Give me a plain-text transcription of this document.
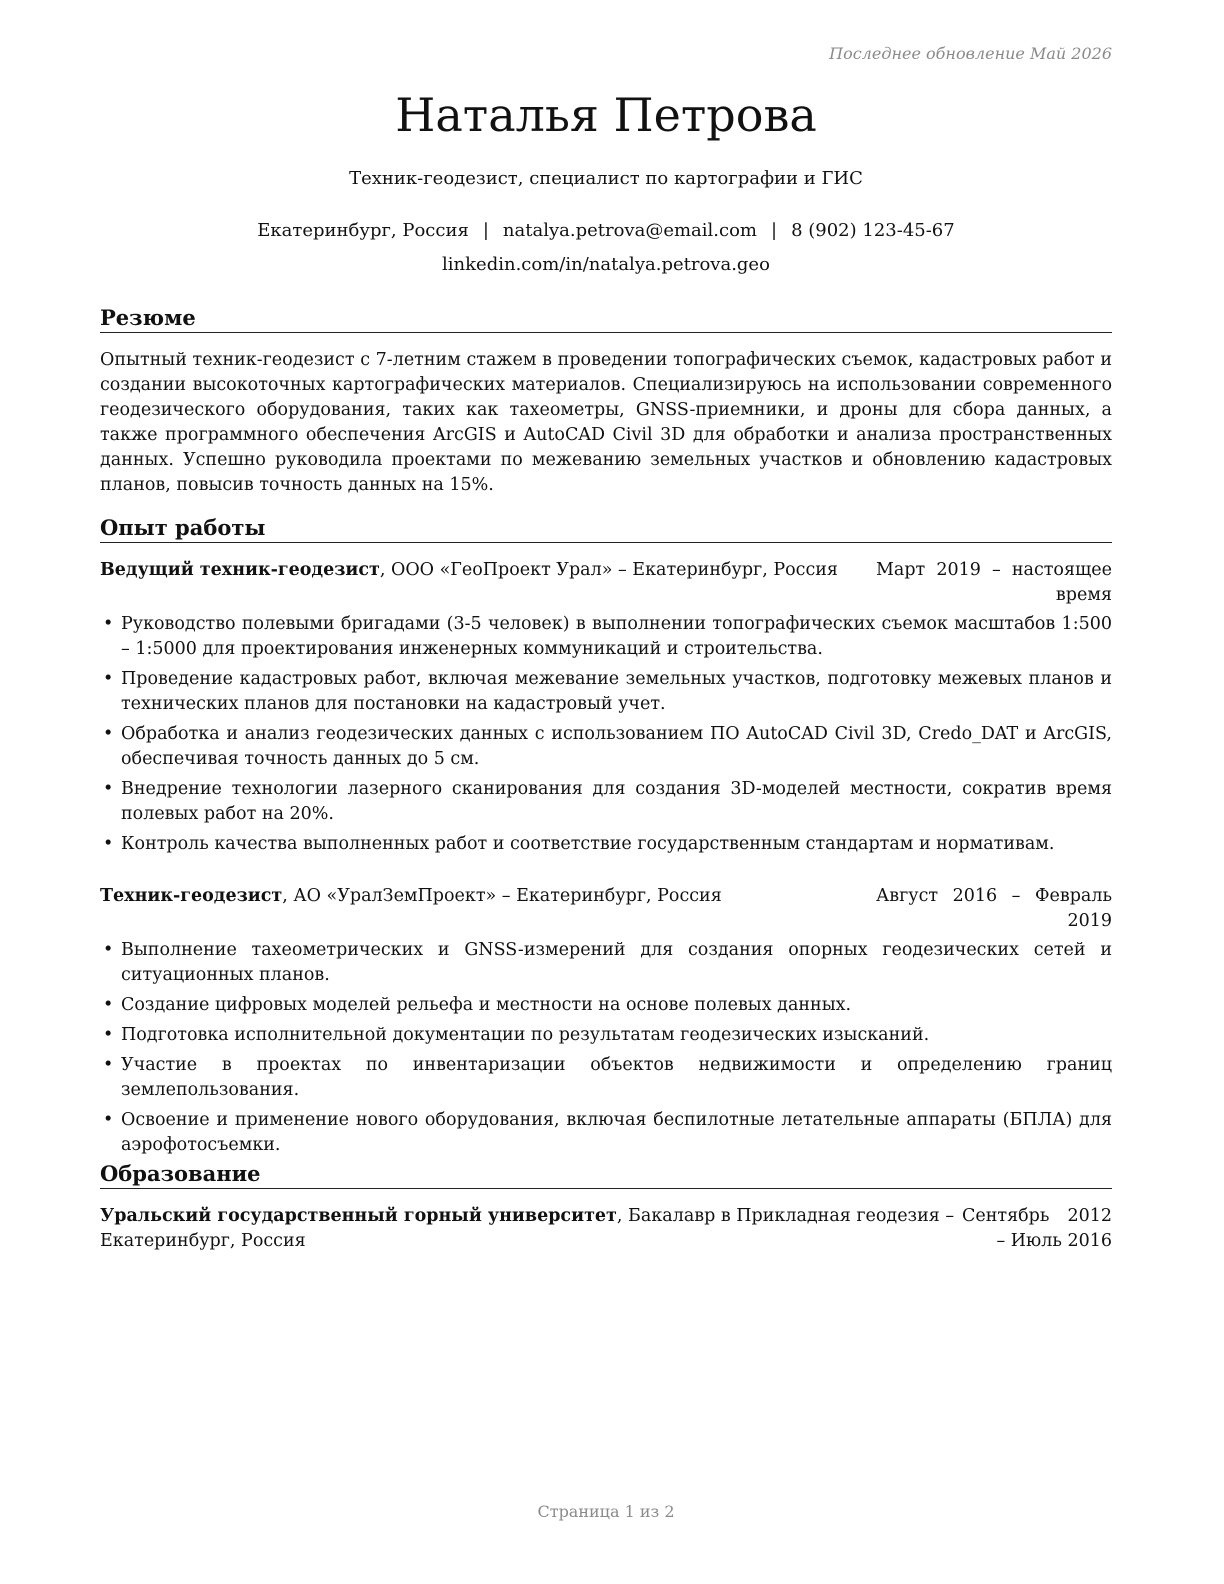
Последнее обновление Май 2026
Наталья Петрова
Техник-геодезист, специалист по картографии и ГИС
Екатеринбург, Россия | natalya.petrova@email.com | 8 (902) 123-45-67
linkedin.com/in/natalya.petrova.geo
Резюме

Опытный техник-геодезист с 7-летним стажем в проведении топографических съемок, кадастровых работ и создании высокоточных картографических материалов. Специализируюсь на использовании современного геодезического оборудования, таких как тахеометры, GNSS-приемники, и дроны для сбора данных, а также программного обеспечения ArcGIS и AutoCAD Civil 3D для обработки и анализа пространственных данных. Успешно руководила проектами по межеванию земельных участков и обновлению кадастровых планов, повысив точность данных на 15%.

Опыт работы
Ведущий техник-геодезист, ООО «ГеоПроект Урал» – Екатеринбург, Россия	Март 2019 – настоящее время
• Руководство полевыми бригадами (3-5 человек) в выполнении топографических съемок масштабов 1:500 – 1:5000 для проектирования инженерных коммуникаций и строительства.
• Проведение кадастровых работ, включая межевание земельных участков, подготовку межевых планов и технических планов для постановки на кадастровый учет.
• Обработка и анализ геодезических данных с использованием ПО AutoCAD Civil 3D, Credo_DAT и ArcGIS, обеспечивая точность данных до 5 см.
• Внедрение технологии лазерного сканирования для создания 3D-моделей местности, сократив время полевых работ на 20%.
• Контроль качества выполненных работ и соответствие государственным стандартам и нормативам.
Техник-геодезист, АО «УралЗемПроект» – Екатеринбург, Россия	Август 2016 – Февраль 2019
• Выполнение тахеометрических и GNSS-измерений для создания опорных геодезических сетей и ситуационных планов.
• Создание цифровых моделей рельефа и местности на основе полевых данных.
• Подготовка исполнительной документации по результатам геодезических изысканий.
• Участие в проектах по инвентаризации объектов недвижимости и определению границ землепользования.
• Освоение и применение нового оборудования, включая беспилотные летательные аппараты (БПЛА) для аэрофотосъемки.
Образование
Уральский государственный горный университет, Бакалавр в Прикладная геодезия – Екатеринбург, Россия
Сентябрь 2012 – Июль 2016
Страница 1 из 2
